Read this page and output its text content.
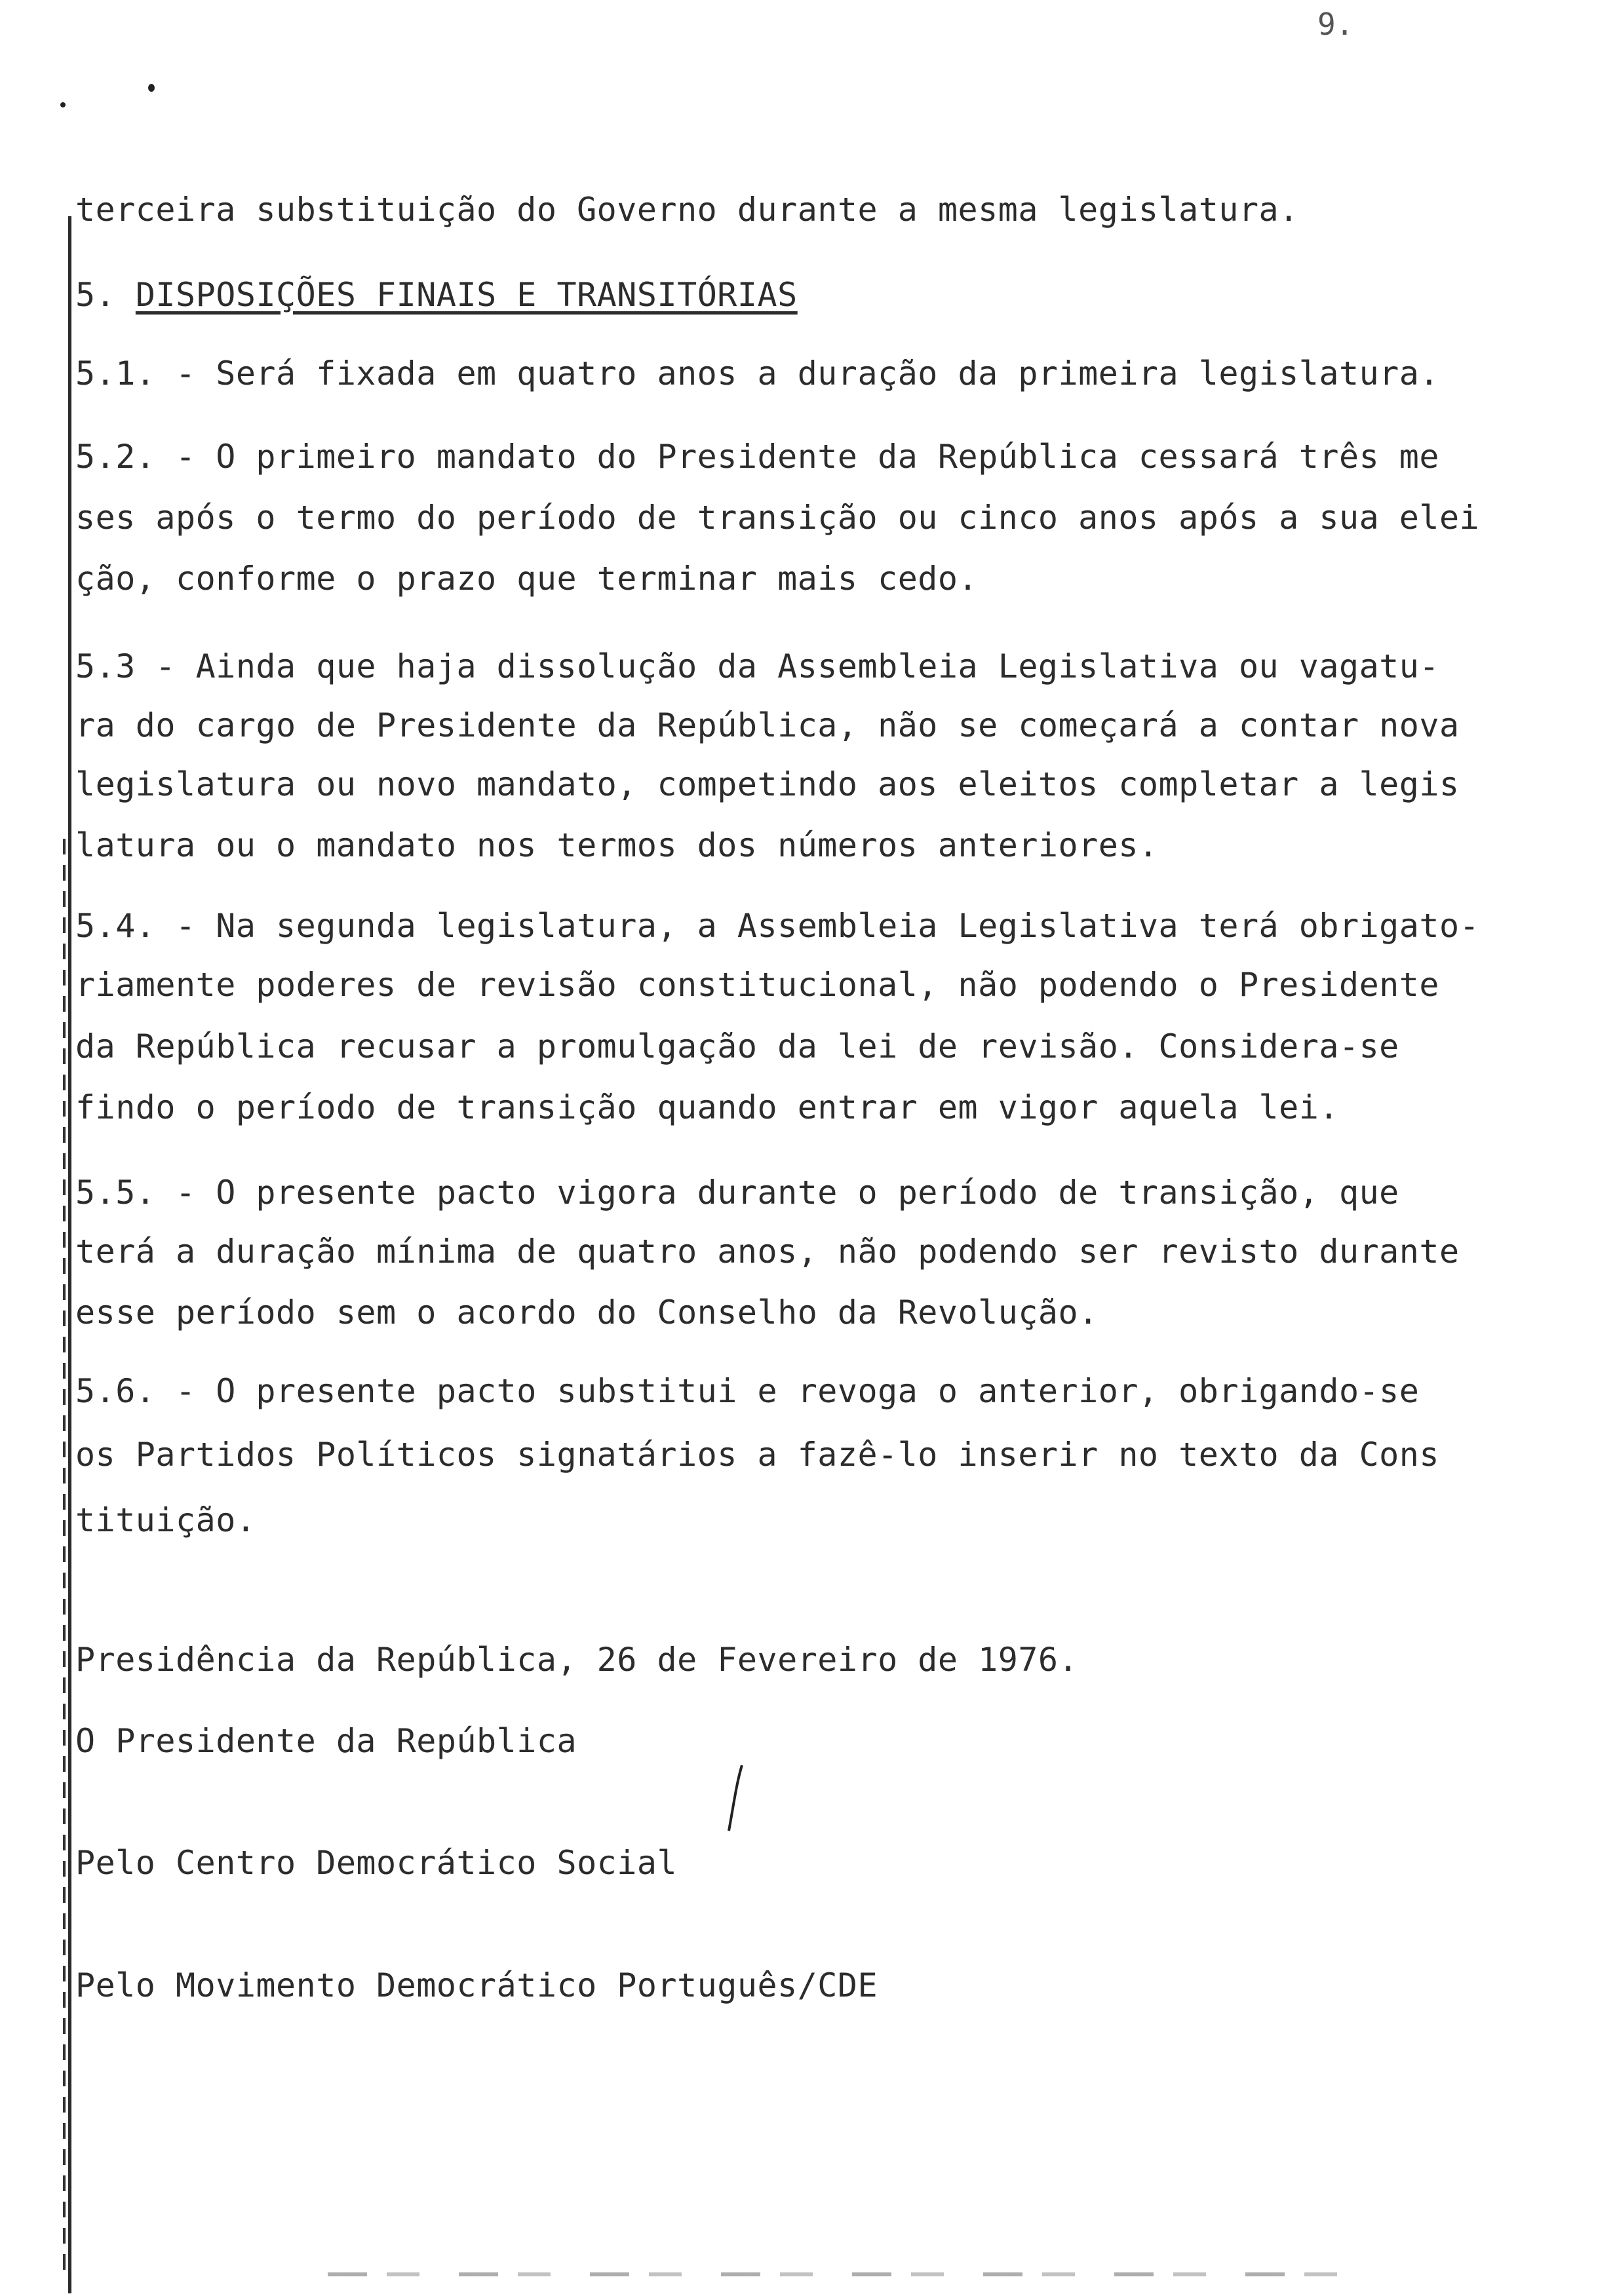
9.
terceira substituição do Governo durante a mesma legislatura.
5. DISPOSIÇÕES FINAIS E TRANSITÓRIAS
5.1. - Será fixada em quatro anos a duração da primeira legislatura.
5.2. - O primeiro mandato do Presidente da República cessará três me
ses após o termo do período de transição ou cinco anos após a sua elei
ção, conforme o prazo que terminar mais cedo.
5.3 - Ainda que haja dissolução da Assembleia Legislativa ou vagatu-
ra do cargo de Presidente da República, não se começará a contar nova
legislatura ou novo mandato, competindo aos eleitos completar a legis
latura ou o mandato nos termos dos números anteriores.
5.4. - Na segunda legislatura, a Assembleia Legislativa terá obrigato-
riamente poderes de revisão constitucional, não podendo o Presidente
da República recusar a promulgação da lei de revisão. Considera-se
findo o período de transição quando entrar em vigor aquela lei.
5.5. - O presente pacto vigora durante o período de transição, que
terá a duração mínima de quatro anos, não podendo ser revisto durante
esse período sem o acordo do Conselho da Revolução.
5.6. - O presente pacto substitui e revoga o anterior, obrigando-se
os Partidos Políticos signatários a fazê-lo inserir no texto da Cons
tituição.
Presidência da República, 26 de Fevereiro de 1976.
O Presidente da República
Pelo Centro Democrático Social
Pelo Movimento Democrático Português/CDE
